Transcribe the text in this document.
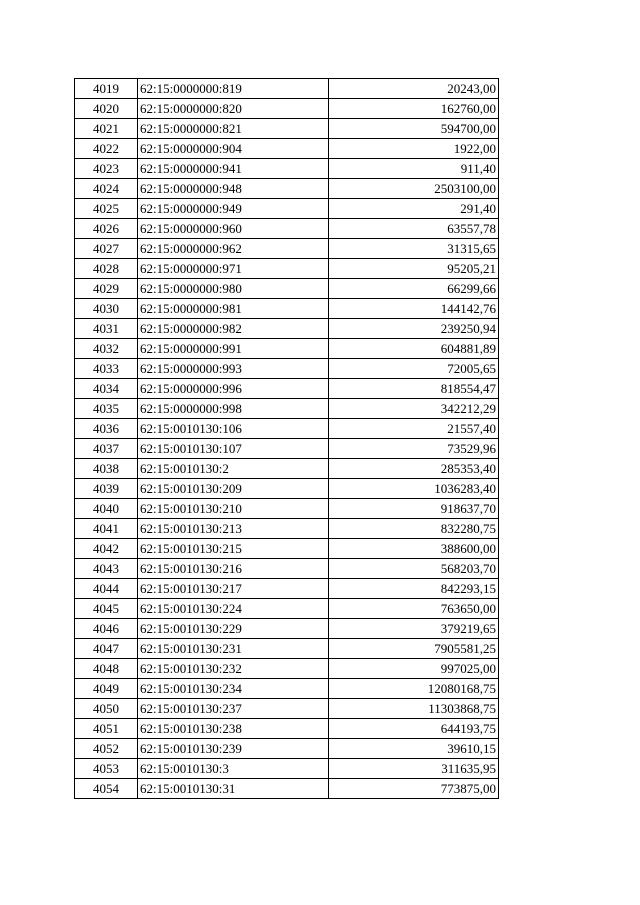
4019	62:15:0000000:819	20243,00
4020	62:15:0000000:820	162760,00
4021	62:15:0000000:821	594700,00
4022	62:15:0000000:904	1922,00
4023	62:15:0000000:941	911,40
4024	62:15:0000000:948	2503100,00
4025	62:15:0000000:949	291,40
4026	62:15:0000000:960	63557,78
4027	62:15:0000000:962	31315,65
4028	62:15:0000000:971	95205,21
4029	62:15:0000000:980	66299,66
4030	62:15:0000000:981	144142,76
4031	62:15:0000000:982	239250,94
4032	62:15:0000000:991	604881,89
4033	62:15:0000000:993	72005,65
4034	62:15:0000000:996	818554,47
4035	62:15:0000000:998	342212,29
4036	62:15:0010130:106	21557,40
4037	62:15:0010130:107	73529,96
4038	62:15:0010130:2	285353,40
4039	62:15:0010130:209	1036283,40
4040	62:15:0010130:210	918637,70
4041	62:15:0010130:213	832280,75
4042	62:15:0010130:215	388600,00
4043	62:15:0010130:216	568203,70
4044	62:15:0010130:217	842293,15
4045	62:15:0010130:224	763650,00
4046	62:15:0010130:229	379219,65
4047	62:15:0010130:231	7905581,25
4048	62:15:0010130:232	997025,00
4049	62:15:0010130:234	12080168,75
4050	62:15:0010130:237	11303868,75
4051	62:15:0010130:238	644193,75
4052	62:15:0010130:239	39610,15
4053	62:15:0010130:3	311635,95
4054	62:15:0010130:31	773875,00
